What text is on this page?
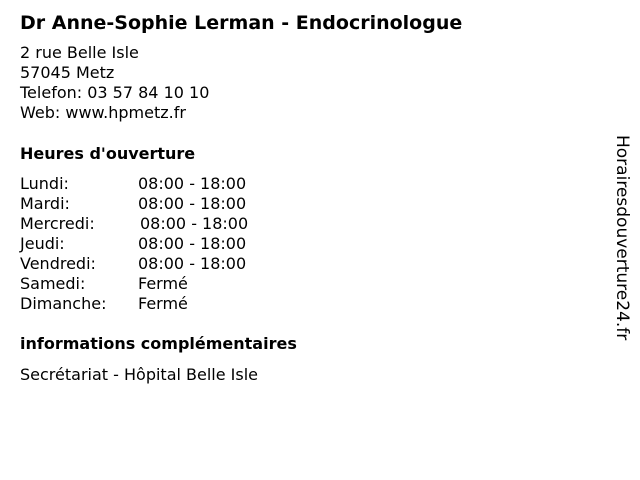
Dr Anne-Sophie Lerman - Endocrinologue
2 rue Belle Isle
57045 Metz
Telefon: 03 57 84 10 10
Web: www.hpmetz.fr
Heures d'ouverture
Lundi:	08:00 - 18:00
Mardi:	08:00 - 18:00
Mercredi:	08:00 - 18:00
Jeudi:	08:00 - 18:00
Vendredi:	08:00 - 18:00
Samedi:	Fermé
Dimanche:	Fermé
informations complémentaires
Secrétariat - Hôpital Belle Isle
Horairesdouverture24.fr
